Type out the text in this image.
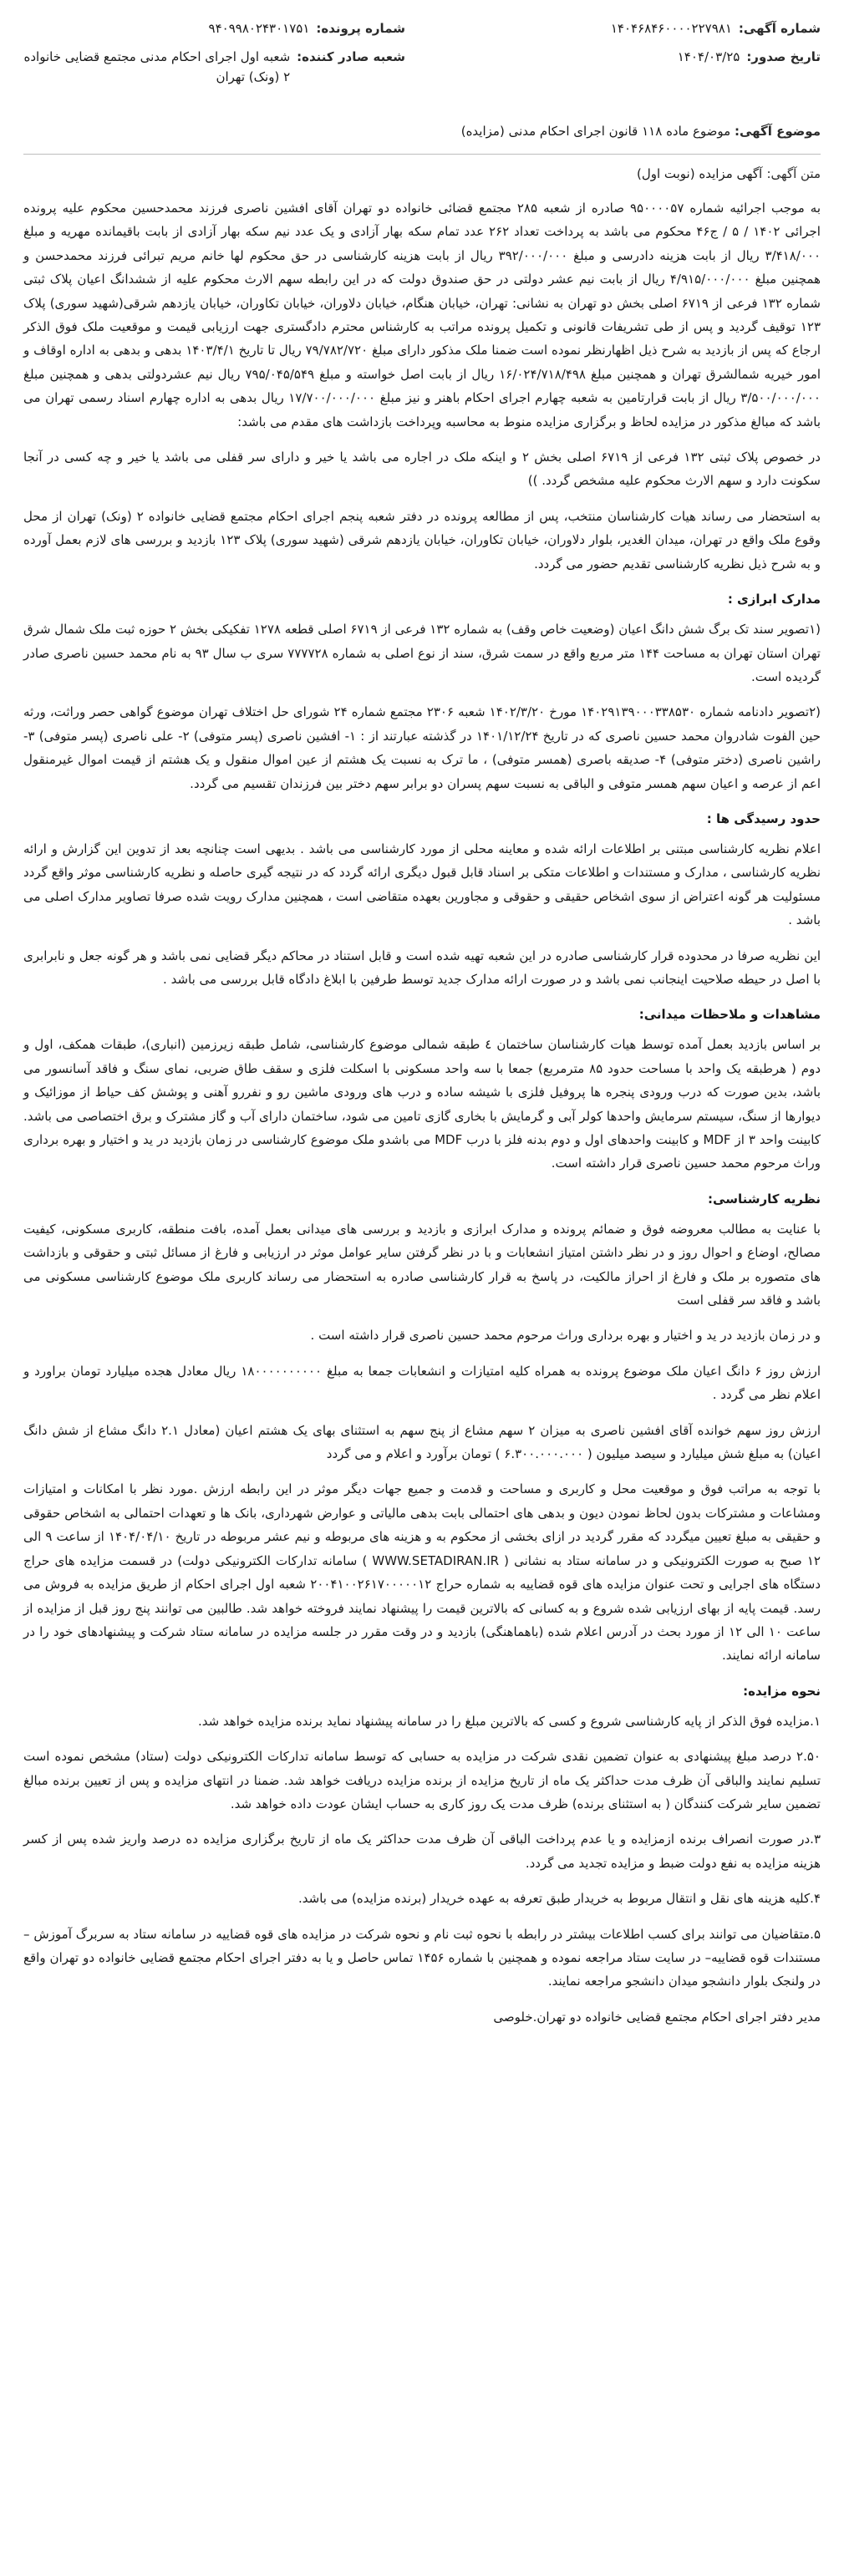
شماره آگهی:
۱۴۰۴۶۸۴۶۰۰۰۰۲۲۷۹۸۱
شماره پرونده:
۹۴۰۹۹۸۰۲۴۳۰۱۷۵۱
تاریخ صدور:
۱۴۰۴/۰۳/۲۵
شعبه صادر کننده:
شعبه اول اجرای احکام مدنی مجتمع قضایی خانواده ۲ (ونک) تهران
موضوع آگهی: موضوع ماده ۱۱۸ قانون اجرای احکام مدنی (مزایده)
متن آگهی: آگهی مزایده (نوبت اول)

به موجب اجرائیه شماره ۹۵۰۰۰۰۵۷ صادره از شعبه ۲۸۵ مجتمع قضائی خانواده دو تهران آقای افشین ناصری فرزند محمدحسین محکوم علیه پرونده اجرائی ۱۴۰۲ / ۵ / ج۴۶ محکوم می باشد به پرداخت تعداد ۲۶۲ عدد تمام سکه بهار آزادی و یک عدد نیم سکه بهار آزادی از بابت باقیمانده مهریه و مبلغ ۳/۴۱۸/۰۰۰ ریال از بابت هزینه دادرسی و مبلغ ۳۹۲/۰۰۰/۰۰۰ ریال از بابت هزینه کارشناسی در حق محکوم لها خانم مریم تبرائی فرزند محمدحسن و همچنین مبلغ ۴/۹۱۵/۰۰۰/۰۰۰ ریال از بابت نیم عشر دولتی در حق صندوق دولت که در این رابطه سهم الارث محکوم علیه از ششدانگ اعیان پلاک ثبتی شماره ۱۳۲ فرعی از ۶۷۱۹ اصلی بخش دو تهران به نشانی: تهران، خیابان هنگام، خیابان دلاوران، خیابان تکاوران، خیابان یازدهم شرقی(شهید سوری) پلاک ۱۲۳ توقیف گردید و پس از طی تشریفات قانونی و تکمیل پرونده مراتب به کارشناس محترم دادگستری جهت ارزیابی قیمت و موقعیت ملک فوق الذکر ارجاع که پس از بازدید به شرح ذیل اظهارنظر نموده است ضمنا ملک مذکور دارای مبلغ ۷۹/۷۸۲/۷۲۰ ریال تا تاریخ ۱۴۰۳/۴/۱ بدهی و بدهی به اداره اوقاف و امور خیریه شمالشرق تهران و همچنین مبلغ ۱۶/۰۲۴/۷۱۸/۴۹۸ ریال از بابت اصل خواسته و مبلغ ۷۹۵/۰۴۵/۵۴۹ ریال نیم عشردولتی بدهی و همچنین مبلغ ۳/۵۰۰/۰۰۰/۰۰۰ ریال از بابت قرارتامین به شعبه چهارم اجرای احکام باهنر و نیز مبلغ ۱۷/۷۰۰/۰۰۰/۰۰۰ ریال بدهی به اداره چهارم اسناد رسمی تهران می باشد که مبالغ مذکور در مزایده لحاظ و برگزاری مزایده منوط به محاسبه وپرداخت بازداشت های مقدم می باشد:

در خصوص پلاک ثبتی ۱۳۲ فرعی از ۶۷۱۹ اصلی بخش ۲ و اینکه ملک در اجاره می باشد یا خیر و دارای سر قفلی می باشد یا خیر و چه کسی در آنجا سکونت دارد و سهم الارث محکوم علیه مشخص گردد. ))

به استحضار می رساند هیات کارشناسان منتخب، پس از مطالعه پرونده در دفتر شعبه پنجم اجرای احکام مجتمع قضایی خانواده ۲ (ونک) تهران از محل وقوع ملک واقع در تهران، میدان الغدیر، بلوار دلاوران، خیابان تکاوران، خیابان یازدهم شرقی (شهید سوری) پلاک ۱۲۳ بازدید و بررسی های لازم بعمل آورده و به شرح ذیل نظریه کارشناسی تقدیم حضور می گردد.

مدارک ابرازی :

(۱تصویر سند تک برگ شش دانگ اعیان (وضعیت خاص وقف) به شماره ۱۳۲ فرعی از ۶۷۱۹ اصلی قطعه ۱۲۷۸ تفکیکی بخش ۲ حوزه ثبت ملک شمال شرق تهران استان تهران به مساحت ۱۴۴ متر مربع واقع در سمت شرق، سند از نوع اصلی به شماره ۷۷۷۷۲۸ سری ب سال ۹۳ به نام محمد حسین ناصری صادر گردیده است.

(۲تصویر دادنامه شماره ۱۴۰۲۹۱۳۹۰۰۰۳۳۸۵۳۰ مورخ ۱۴۰۲/۳/۲۰ شعبه ۲۳۰۶ مجتمع شماره ۲۴ شورای حل اختلاف تهران موضوع گواهی حصر وراثت، ورثه حین الفوت شادروان محمد حسین ناصری که در تاریخ ۱۴۰۱/۱۲/۲۴ در گذشته عبارتند از : ۱- افشین ناصری (پسر متوفی) ۲- علی ناصری (پسر متوفی) ۳- راشین ناصری (دختر متوفی) ۴- صدیقه باصری (همسر متوفی) ، ما ترک به نسبت یک هشتم از عین اموال منقول و یک هشتم از قیمت اموال غیرمنقول اعم از عرصه و اعیان سهم همسر متوفی و الباقی به نسبت سهم پسران دو برابر سهم دختر بین فرزندان تقسیم می گردد.

حدود رسیدگی ها :

اعلام نظریه کارشناسی مبتنی بر اطلاعات ارائه شده و معاینه محلی از مورد کارشناسی می باشد . بدیهی است چنانچه بعد از تدوین این گزارش و ارائه نظریه کارشناسی ، مدارک و مستندات و اطلاعات متکی بر اسناد قابل قبول دیگری ارائه گردد که در نتیجه گیری حاصله و نظریه کارشناسی موثر واقع گردد مسئولیت هر گونه اعتراض از سوی اشخاص حقیقی و حقوقی و مجاورین بعهده متقاضی است ، همچنین مدارک رویت شده صرفا تصاویر مدارک اصلی می باشد .

این نظریه صرفا در محدوده قرار کارشناسی صادره در این شعبه تهیه شده است و قابل استناد در محاکم دیگر قضایی نمی باشد و هر گونه جعل و نابرابری با اصل در حیطه صلاحیت اینجانب نمی باشد و در صورت ارائه مدارک جدید توسط طرفین با ابلاغ دادگاه قابل بررسی می باشد .

مشاهدات و ملاحظات میدانی:

بر اساس بازدید بعمل آمده توسط هیات کارشناسان ساختمان ٤ طبقه شمالی موضوع کارشناسی، شامل طبقه زیرزمین (انباری)، طبقات همکف، اول و دوم ( هرطبقه یک واحد با مساحت حدود ۸۵ مترمربع) جمعا با سه واحد مسکونی با اسکلت فلزی و سقف طاق ضربی، نمای سنگ و فاقد آسانسور می باشد، بدین صورت که درب ورودی پنجره ها پروفیل فلزی با شیشه ساده و درب های ورودی ماشین رو و نفررو آهنی و پوشش کف حیاط از موزائیک و دیوارها از سنگ، سیستم سرمایش واحدها کولر آبی و گرمایش با بخاری گازی تامین می شود، ساختمان دارای آب و گاز مشترک و برق اختصاصی می باشد. کابینت واحد ۳ از MDF و کابینت واحدهای اول و دوم بدنه فلز با درب MDF می باشدو ملک موضوع کارشناسی در زمان بازدید در ید و اختیار و بهره برداری وراث مرحوم محمد حسین ناصری قرار داشته است.

نظریه کارشناسی:

با عنایت به مطالب معروضه فوق و ضمائم پرونده و مدارک ابرازی و بازدید و بررسی های میدانی بعمل آمده، بافت منطقه، کاربری مسکونی، کیفیت مصالح، اوضاع و احوال روز و در نظر داشتن امتیاز انشعابات و با در نظر گرفتن سایر عوامل موثر در ارزیابی و فارغ از مسائل ثبتی و حقوقی و بازداشت های متصوره بر ملک و فارغ از احراز مالکیت، در پاسخ به قرار کارشناسی صادره به استحضار می رساند کاربری ملک موضوع کارشناسی مسکونی می باشد و فاقد سر قفلی است

و در زمان بازدید در ید و اختیار و بهره برداری وراث مرحوم محمد حسین ناصری قرار داشته است .

ارزش روز ۶ دانگ اعیان ملک موضوع پرونده به همراه کلیه امتیازات و انشعابات جمعا به مبلغ ۱۸۰۰۰۰۰۰۰۰۰۰ ریال معادل هجده میلیارد تومان براورد و اعلام نظر می گردد .

ارزش روز سهم خوانده آقای افشین ناصری به میزان ۲ سهم مشاع از پنج سهم به استثنای بهای یک هشتم اعیان (معادل ۲.۱ دانگ مشاع از شش دانگ اعیان) به مبلغ شش میلیارد و سیصد میلیون ( ۶.۳۰۰.۰۰۰.۰۰۰ ) تومان برآورد و اعلام و می گردد

با توجه به مراتب فوق و موقعیت محل و کاربری و مساحت و قدمت و جمیع جهات دیگر موثر در این رابطه ارزش .مورد نظر با امکانات و امتیازات ومشاعات و مشترکات بدون لحاظ نمودن دیون و بدهی های احتمالی بابت بدهی مالیاتی و عوارض شهرداری، بانک ها و تعهدات احتمالی به اشخاص حقوقی و حقیقی به مبلغ تعیین میگردد که مقرر گردید در ازای بخشی از محکوم به و هزینه های مربوطه و نیم عشر مربوطه در تاریخ ۱۴۰۴/۰۴/۱۰ از ساعت ۹ الی ۱۲ صبح به صورت الکترونیکی و در سامانه ستاد به نشانی ( WWW.SETADIRAN.IR ) سامانه تدارکات الکترونیکی دولت) در قسمت مزایده های حراج دستگاه های اجرایی و تحت عنوان مزایده های قوه قضاییه به شماره حراج ۲۰۰۴۱۰۰۲۶۱۷۰۰۰۰۰۱۲ شعبه اول اجرای احکام از طریق مزایده به فروش می رسد. قیمت پایه از بهای ارزیابی شده شروع و به کسانی که بالاترین قیمت را پیشنهاد نمایند فروخته خواهد شد. طالبین می توانند پنج روز قبل از مزایده از ساعت ۱۰ الی ۱۲ از مورد بحث در آدرس اعلام شده (باهماهنگی) بازدید و در وقت مقرر در جلسه مزایده در سامانه ستاد شرکت و پیشنهادهای خود را در سامانه ارائه نمایند.

نحوه مزایده:

۱.مزایده فوق الذکر از پایه کارشناسی شروع و کسی که بالاترین مبلغ را در سامانه پیشنهاد نماید برنده مزایده خواهد شد.

۲.۵۰ درصد مبلغ پیشنهادی به عنوان تضمین نقدی شرکت در مزایده به حسابی که توسط سامانه تدارکات الکترونیکی دولت (ستاد) مشخص نموده است تسلیم نمایند والباقی آن ظرف مدت حداکثر یک ماه از تاریخ مزایده از برنده مزایده دریافت خواهد شد. ضمنا در انتهای مزایده و پس از تعیین برنده مبالغ تضمین سایر شرکت کنندگان ( به استثنای برنده) ظرف مدت یک روز کاری به حساب ایشان عودت داده خواهد شد.

۳.در صورت انصراف برنده ازمزایده و یا عدم پرداخت الباقی آن ظرف مدت حداکثر یک ماه از تاریخ برگزاری مزایده ده درصد واریز شده پس از کسر هزینه مزایده به نفع دولت ضبط و مزایده تجدید می گردد.

۴.کلیه هزینه های نقل و انتقال مربوط به خریدار طبق تعرفه به عهده خریدار (برنده مزایده) می باشد.

۵.متقاضیان می توانند برای کسب اطلاعات بیشتر در رابطه با نحوه ثبت نام و نحوه شرکت در مزایده های قوه قضاییه در سامانه ستاد به سربرگ آموزش –مستندات قوه قضاییه– در سایت ستاد مراجعه نموده و همچنین با شماره ۱۴۵۶ تماس حاصل و یا به دفتر اجرای احکام مجتمع قضایی خانواده دو تهران واقع در ولنجک بلوار دانشجو میدان دانشجو مراجعه نمایند.

مدیر دفتر اجرای احکام مجتمع قضایی خانواده دو تهران.خلوصی
